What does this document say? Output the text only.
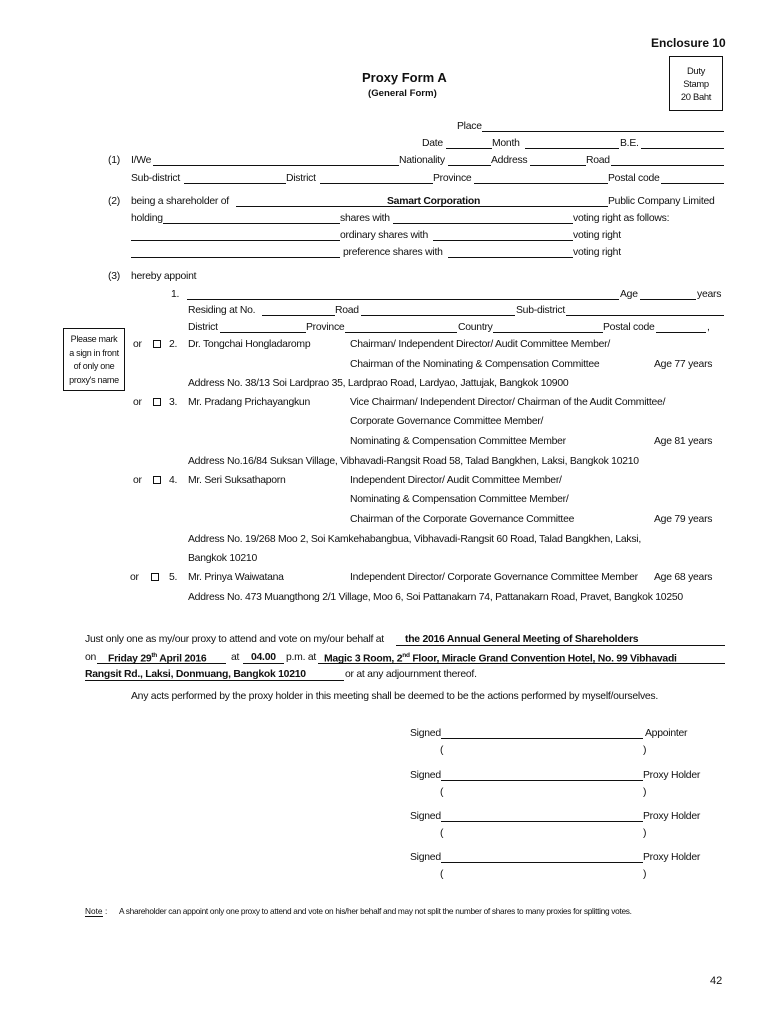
Enclosure 10
Proxy Form A
(General Form)
Duty
Stamp
20 Baht
Place
Date	Month	B.E.
(1) I/We	Nationality	Address	Road
Sub-district	District	Province	Postal code
(2) being a shareholder of	Samart Corporation	Public Company Limited
holding	shares with	voting right as follows:
ordinary shares with	voting right
preference shares with	voting right
(3) hereby appoint
1.	Age	years
Residing at No.	Road	Sub-district
District	Province	Country	Postal code	,
Please mark
a sign in front
of only one
proxy's name
or	2. Dr. Tongchai Hongladaromp	Chairman/ Independent Director/ Audit Committee Member/
Chairman of the Nominating & Compensation Committee	Age 77 years
Address No. 38/13 Soi Lardprao 35, Lardprao Road, Lardyao, Jattujak, Bangkok 10900
or	3. Mr. Pradang Prichayangkun	Vice Chairman/ Independent Director/ Chairman of the Audit Committee/
Corporate Governance Committee Member/
Nominating & Compensation Committee Member	Age 81 years
Address No.16/84 Suksan Village, Vibhavadi-Rangsit Road 58, Talad Bangkhen, Laksi, Bangkok 10210
or	4. Mr. Seri Suksathaporn	Independent Director/ Audit Committee Member/
Nominating & Compensation Committee Member/
Chairman of the Corporate Governance Committee	Age 79 years
Address No. 19/268 Moo 2, Soi Kamkehabangbua, Vibhavadi-Rangsit 60 Road, Talad Bangkhen, Laksi,
Bangkok 10210
or	5. Mr. Prinya Waiwatana	Independent Director/ Corporate Governance Committee Member Age 68 years
Address No. 473 Muangthong 2/1 Village, Moo 6, Soi Pattanakarn 74, Pattanakarn Road, Pravet, Bangkok 10250
Just only one as my/our proxy to attend and vote on my/our behalf at the 2016 Annual General Meeting of Shareholders
on Friday 29th April 2016 at 04.00 p.m. at Magic 3 Room, 2nd Floor, Miracle Grand Convention Hotel, No. 99 Vibhavadi
Rangsit Rd., Laksi, Donmuang, Bangkok 10210	or at any adjournment thereof.
Any acts performed by the proxy holder in this meeting shall be deemed to be the actions performed by myself/ourselves.
Signed	Appointer
(	)
Signed	Proxy Holder
(	)
Signed	Proxy Holder
(	)
Signed	Proxy Holder
(	)
Note : A shareholder can appoint only one proxy to attend and vote on his/her behalf and may not split the number of shares to many proxies for splitting votes.
42
